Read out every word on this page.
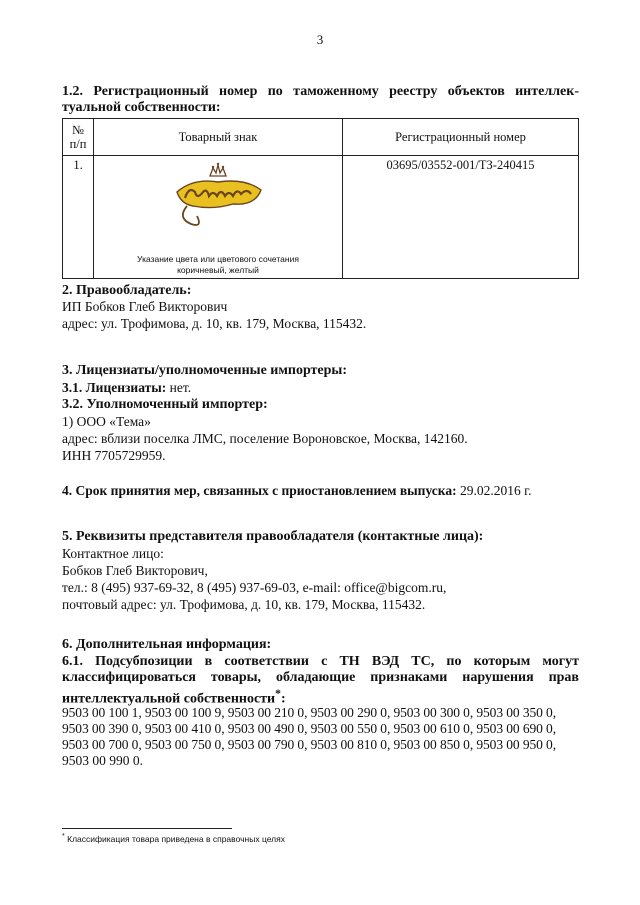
3
1.2. Регистрационный номер по таможенному реестру объектов интеллек-
туальной собственности:
№
п/п	Товарный знак	Регистрационный номер
1.	Указание цвета или цветового сочетания
коричневый, желтый	03695/03552-001/ТЗ-240415
2. Правообладатель:
ИП Бобков Глеб Викторович
адрес: ул. Трофимова, д. 10, кв. 179, Москва, 115432.
3. Лицензиаты/уполномоченные импортеры:
3.1. Лицензиаты: нет.
3.2. Уполномоченный импортер:
1) ООО «Тема»
адрес: вблизи поселка ЛМС, поселение Вороновское, Москва, 142160.
ИНН 7705729959.
4. Срок принятия мер, связанных с приостановлением выпуска: 29.02.2016 г.
5. Реквизиты представителя правообладателя (контактные лица):
Контактное лицо:
Бобков Глеб Викторович,
тел.: 8 (495) 937-69-32, 8 (495) 937-69-03, e-mail: office@bigcom.ru,
почтовый адрес: ул. Трофимова, д. 10, кв. 179, Москва, 115432.
6. Дополнительная информация:
6.1. Подсубпозиции в соответствии с ТН ВЭД ТС, по которым могут
классифицироваться товары, обладающие признаками нарушения прав
интеллектуальной собственности*:
9503 00 100 1, 9503 00 100 9, 9503 00 210 0, 9503 00 290 0, 9503 00 300 0, 9503 00 350 0,
9503 00 390 0, 9503 00 410 0, 9503 00 490 0, 9503 00 550 0, 9503 00 610 0, 9503 00 690 0,
9503 00 700 0, 9503 00 750 0, 9503 00 790 0, 9503 00 810 0, 9503 00 850 0, 9503 00 950 0,
9503 00 990 0.
* Классификация товара приведена в справочных целях
